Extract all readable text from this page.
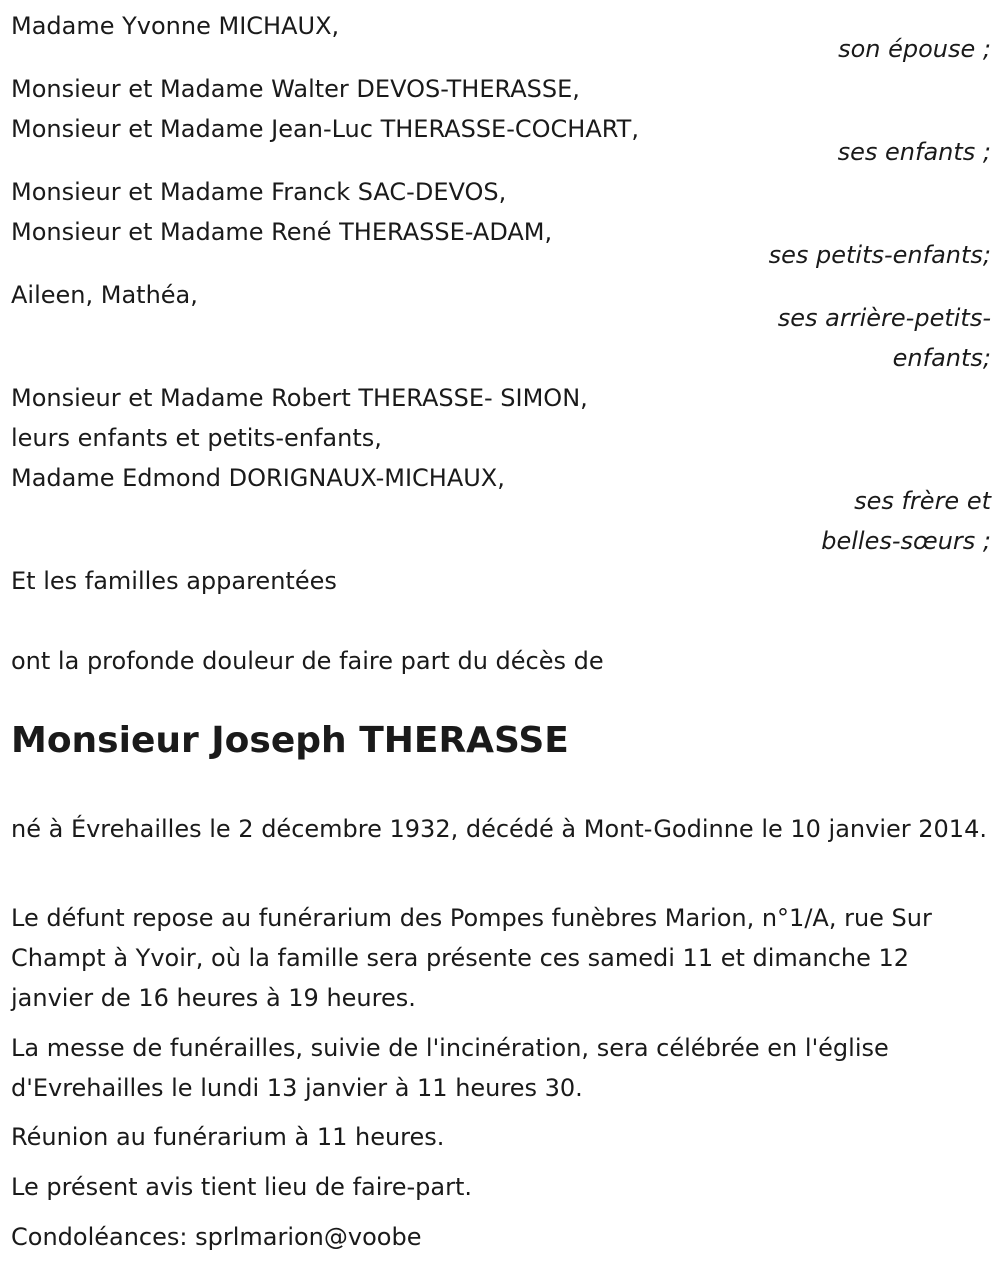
Madame Yvonne MICHAUX,
son épouse ;
Monsieur et Madame Walter DEVOS-THERASSE,
Monsieur et Madame Jean-Luc THERASSE-COCHART,
ses enfants ;
Monsieur et Madame Franck SAC-DEVOS,
Monsieur et Madame René THERASSE-ADAM,
ses petits-enfants;
Aileen, Mathéa,
ses arrière-petits-
enfants;
Monsieur et Madame Robert THERASSE- SIMON,
leurs enfants et petits-enfants,
Madame Edmond DORIGNAUX-MICHAUX,
ses frère et
belles-sœurs ;
Et les familles apparentées
ont la profonde douleur de faire part du décès de
Monsieur Joseph THERASSE
né à Évrehailles le 2 décembre 1932, décédé à Mont-Godinne le 10 janvier 2014.
Le défunt repose au funérarium des Pompes funèbres Marion, n°1/A, rue Sur Champt à Yvoir, où la famille sera présente ces samedi 11 et dimanche 12 janvier de 16 heures à 19 heures.
La messe de funérailles, suivie de l'incinération, sera célébrée en l'église d'Evrehailles le lundi 13 janvier à 11 heures 30.
Réunion au funérarium à 11 heures.
Le présent avis tient lieu de faire-part.
Condoléances: sprlmarion@voobe
